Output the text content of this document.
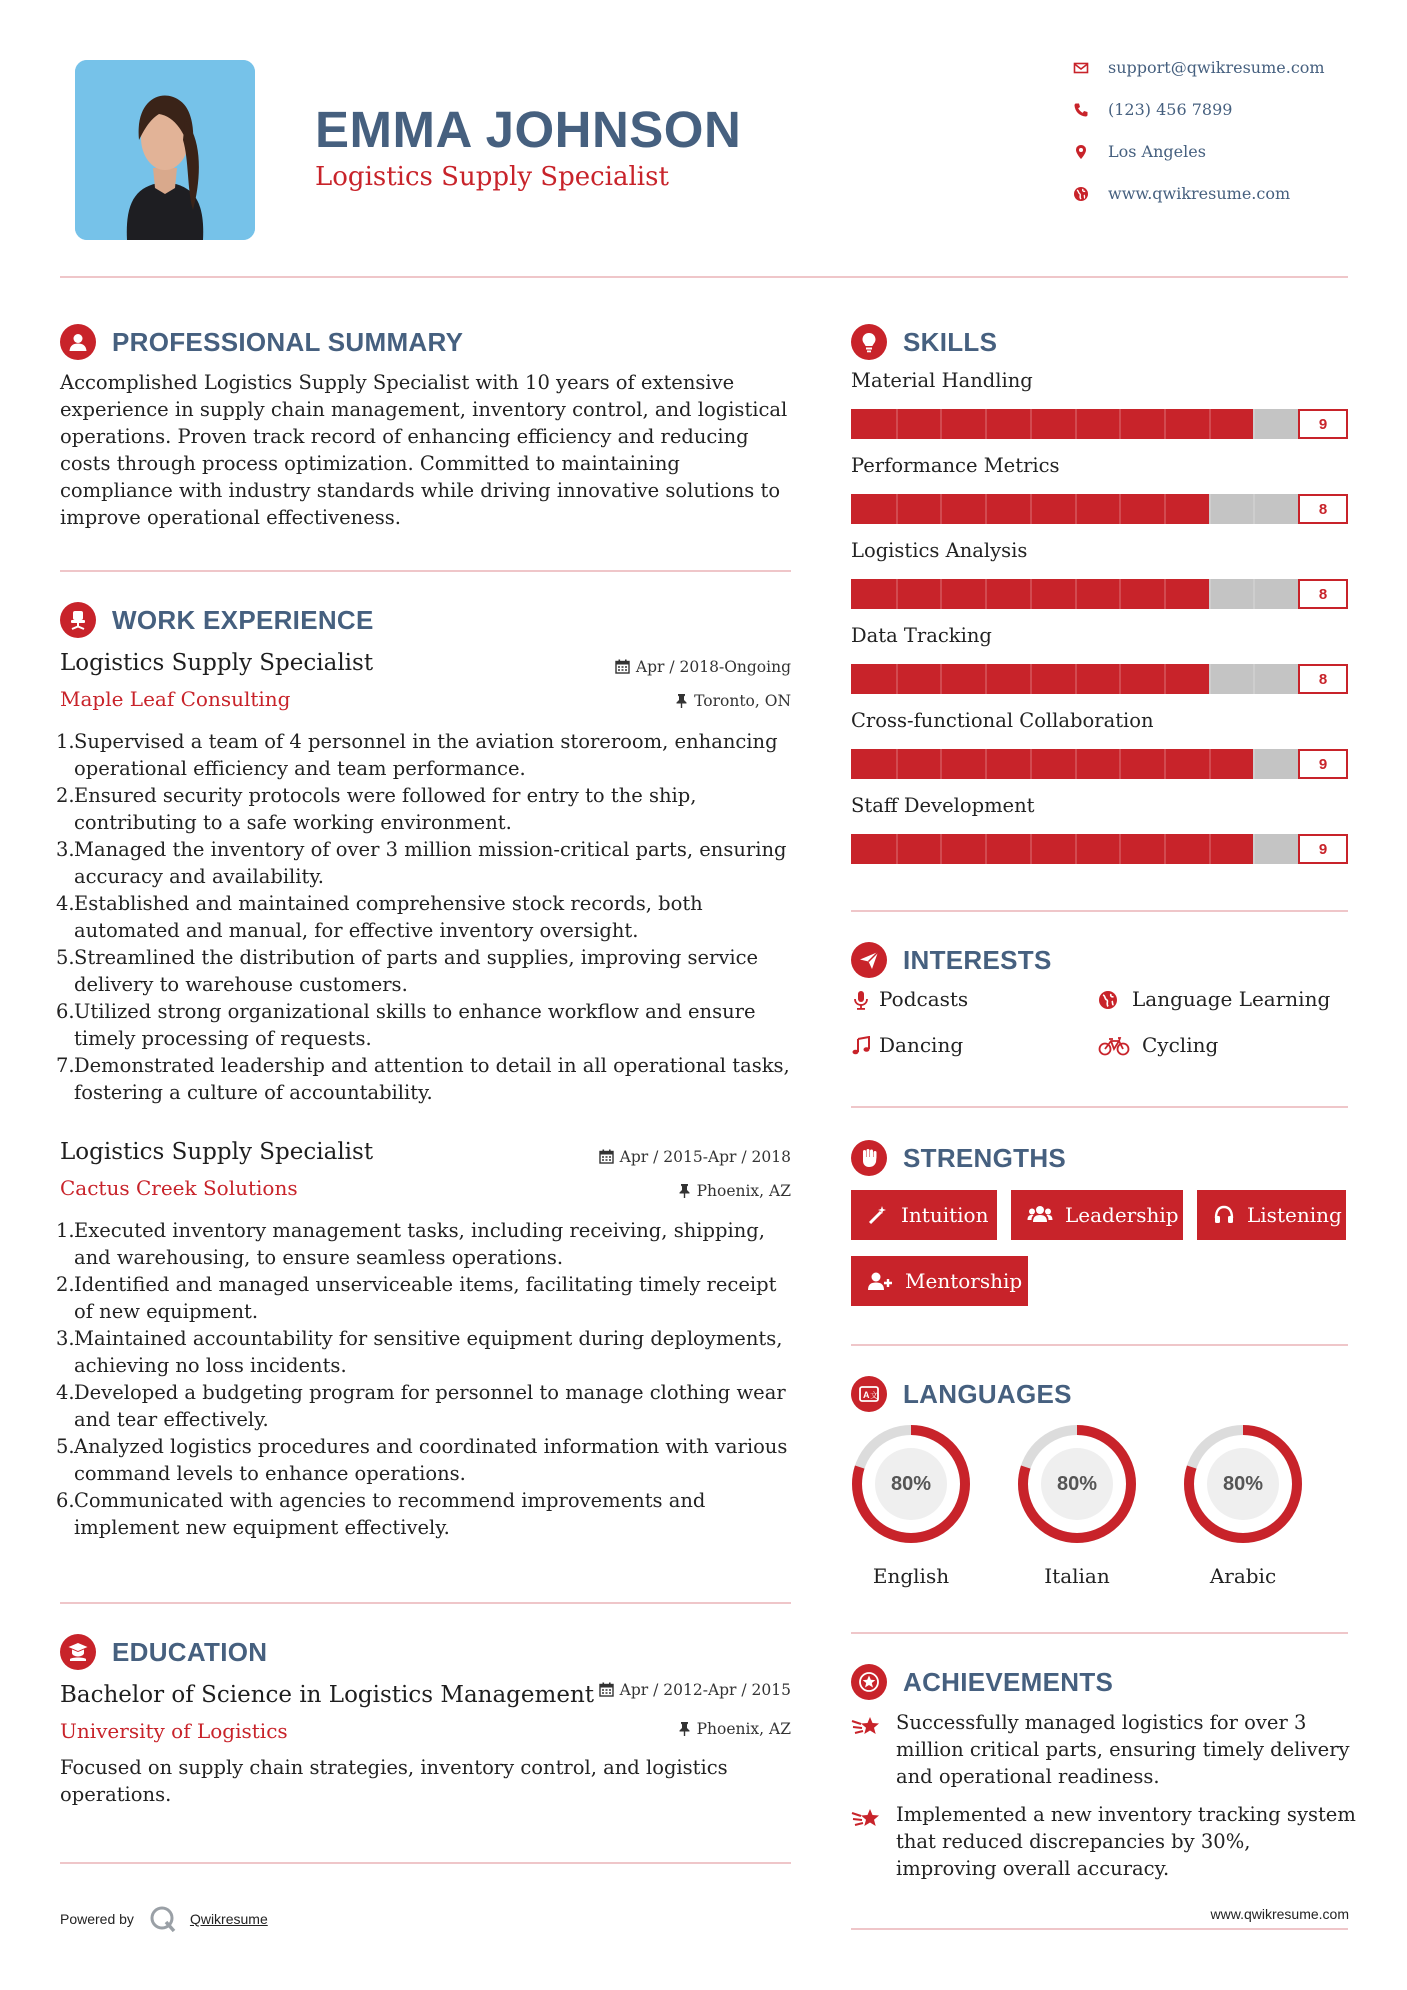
EMMA JOHNSON
Logistics Supply Specialist
support@qwikresume.com
(123) 456 7899
Los Angeles
www.qwikresume.com
PROFESSIONAL SUMMARY
Accomplished Logistics Supply Specialist with 10 years of extensive experience in supply chain management, inventory control, and logistical operations. Proven track record of enhancing efficiency and reducing costs through process optimization. Committed to maintaining compliance with industry standards while driving innovative solutions to improve operational effectiveness.
WORK EXPERIENCE
Logistics Supply Specialist	Apr / 2018-Ongoing
Maple Leaf Consulting	Toronto, ON
1. Supervised a team of 4 personnel in the aviation storeroom, enhancing operational efficiency and team performance.
2. Ensured security protocols were followed for entry to the ship, contributing to a safe working environment.
3. Managed the inventory of over 3 million mission-critical parts, ensuring accuracy and availability.
4. Established and maintained comprehensive stock records, both automated and manual, for effective inventory oversight.
5. Streamlined the distribution of parts and supplies, improving service delivery to warehouse customers.
6. Utilized strong organizational skills to enhance workflow and ensure timely processing of requests.
7. Demonstrated leadership and attention to detail in all operational tasks, fostering a culture of accountability.
Logistics Supply Specialist	Apr / 2015-Apr / 2018
Cactus Creek Solutions	Phoenix, AZ
1. Executed inventory management tasks, including receiving, shipping, and warehousing, to ensure seamless operations.
2. Identified and managed unserviceable items, facilitating timely receipt of new equipment.
3. Maintained accountability for sensitive equipment during deployments, achieving no loss incidents.
4. Developed a budgeting program for personnel to manage clothing wear and tear effectively.
5. Analyzed logistics procedures and coordinated information with various command levels to enhance operations.
6. Communicated with agencies to recommend improvements and implement new equipment effectively.
EDUCATION
Bachelor of Science in Logistics Management	Apr / 2012-Apr / 2015
University of Logistics	Phoenix, AZ
Focused on supply chain strategies, inventory control, and logistics operations.
SKILLS
Material Handling
9
Performance Metrics
8
Logistics Analysis
8
Data Tracking
8
Cross-functional Collaboration
9
Staff Development
9
INTERESTS
Podcasts	Language Learning
Dancing	Cycling
STRENGTHS
Intuition	Leadership	Listening
Mentorship
A 文 LANGUAGES
80%
English
80%
Italian
80%
Arabic
ACHIEVEMENTS
Successfully managed logistics for over 3 million critical parts, ensuring timely delivery and operational readiness.
Implemented a new inventory tracking system that reduced discrepancies by 30%, improving overall accuracy.
Powered by	Qwikresume	www.qwikresume.com
